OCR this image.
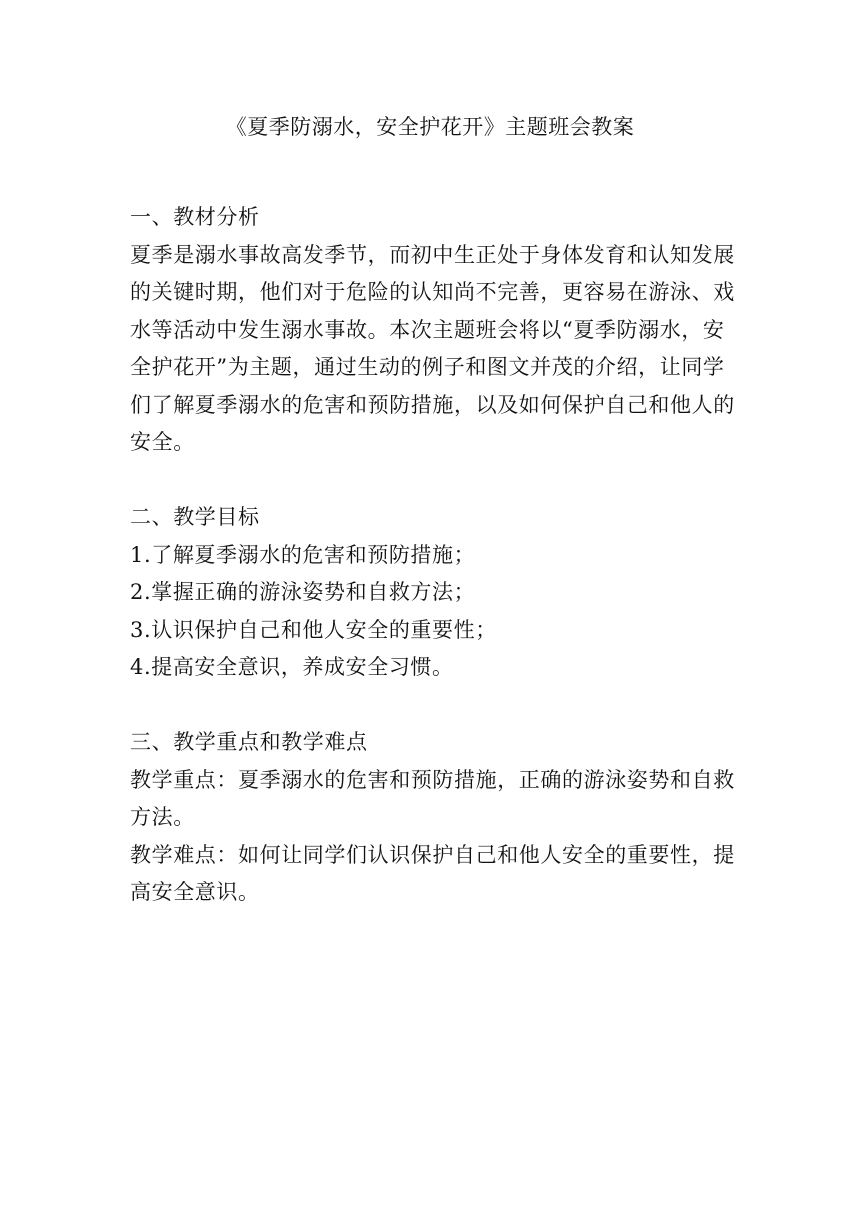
《夏季防溺水，安全护花开》主题班会教案

一、教材分析

夏季是溺水事故高发季节，而初中生正处于身体发育和认知发展的关键时期，他们对于危险的认知尚不完善，更容易在游泳、戏水等活动中发生溺水事故。本次主题班会将以“夏季防溺水，安全护花开”为主题，通过生动的例子和图文并茂的介绍，让同学们了解夏季溺水的危害和预防措施，以及如何保护自己和他人的安全。

二、教学目标

1.了解夏季溺水的危害和预防措施；

2.掌握正确的游泳姿势和自救方法；

3.认识保护自己和他人安全的重要性；

4.提高安全意识，养成安全习惯。

三、教学重点和教学难点

教学重点：夏季溺水的危害和预防措施，正确的游泳姿势和自救方法。

教学难点：如何让同学们认识保护自己和他人安全的重要性，提高安全意识。
